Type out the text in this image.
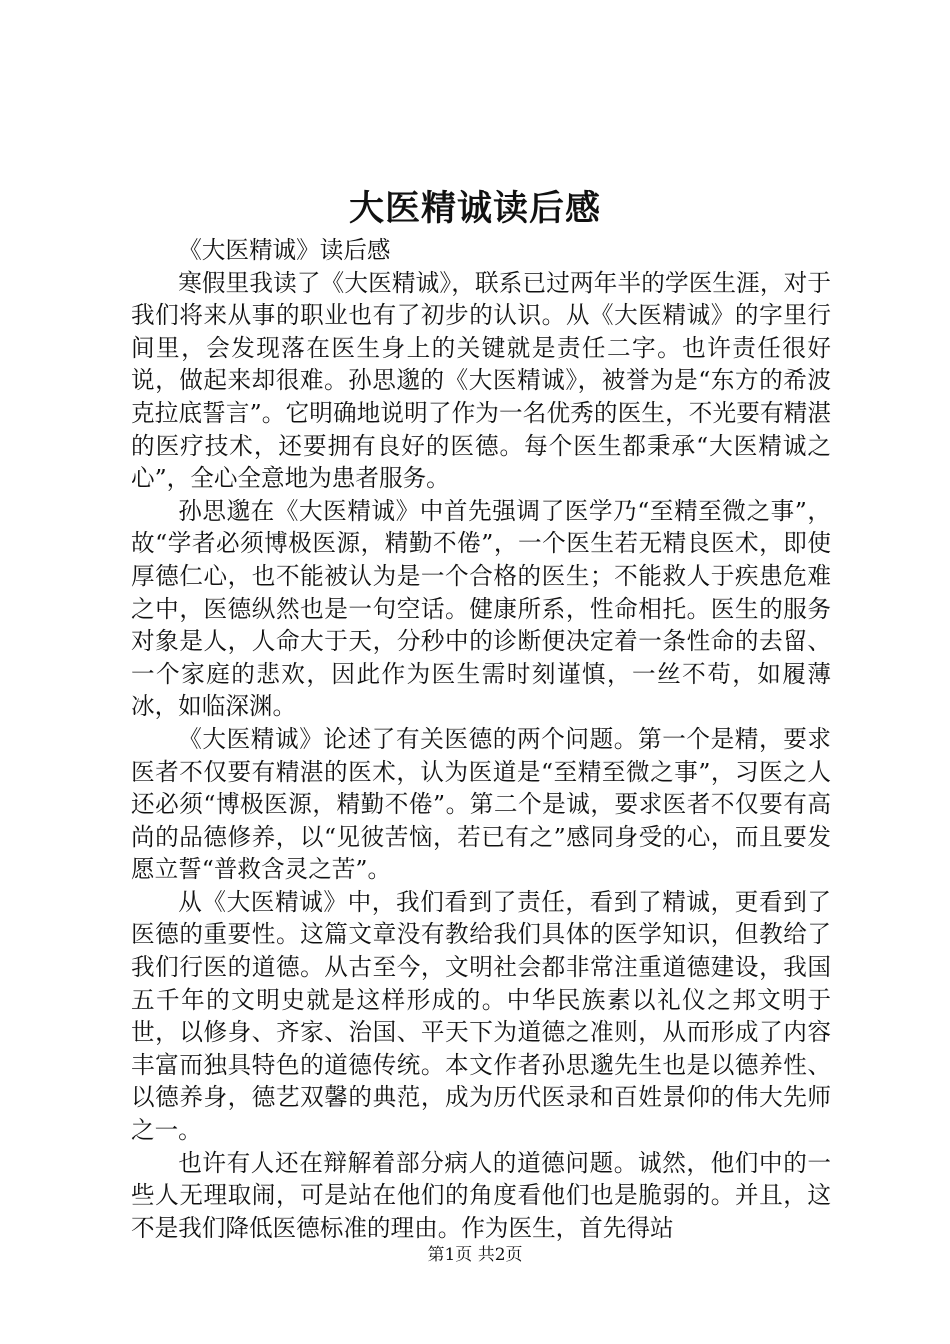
大医精诚读后感

《大医精诚》读后感

寒假里我读了《大医精诚》，联系已过两年半的学医生涯，对于我们将来从事的职业也有了初步的认识。从《大医精诚》的字里行间里，会发现落在医生身上的关键就是责任二字。也许责任很好说，做起来却很难。孙思邈的《大医精诚》，被誉为是“东方的希波克拉底誓言”。它明确地说明了作为一名优秀的医生，不光要有精湛的医疗技术，还要拥有良好的医德。每个医生都秉承“大医精诚之心”，全心全意地为患者服务。

孙思邈在《大医精诚》中首先强调了医学乃“至精至微之事”，故“学者必须博极医源，精勤不倦”，一个医生若无精良医术，即使厚德仁心，也不能被认为是一个合格的医生；不能救人于疾患危难之中，医德纵然也是一句空话。健康所系，性命相托。医生的服务对象是人，人命大于天，分秒中的诊断便决定着一条性命的去留、一个家庭的悲欢，因此作为医生需时刻谨慎，一丝不苟，如履薄冰，如临深渊。

《大医精诚》论述了有关医德的两个问题。第一个是精，要求医者不仅要有精湛的医术，认为医道是“至精至微之事”，习医之人还必须“博极医源，精勤不倦”。第二个是诚，要求医者不仅要有高尚的品德修养，以“见彼苦恼，若已有之”感同身受的心，而且要发愿立誓“普救含灵之苦”。

从《大医精诚》中，我们看到了责任，看到了精诚，更看到了医德的重要性。这篇文章没有教给我们具体的医学知识，但教给了我们行医的道德。从古至今，文明社会都非常注重道德建设，我国五千年的文明史就是这样形成的。中华民族素以礼仪之邦文明于世，以修身、齐家、治国、平天下为道德之准则，从而形成了内容丰富而独具特色的道德传统。本文作者孙思邈先生也是以德养性、以德养身，德艺双馨的典范，成为历代医录和百姓景仰的伟大先师之一。

也许有人还在辩解着部分病人的道德问题。诚然，他们中的一些人无理取闹，可是站在他们的角度看他们也是脆弱的。并且，这不是我们降低医德标准的理由。作为医生，首先得站

第1页 共2页
